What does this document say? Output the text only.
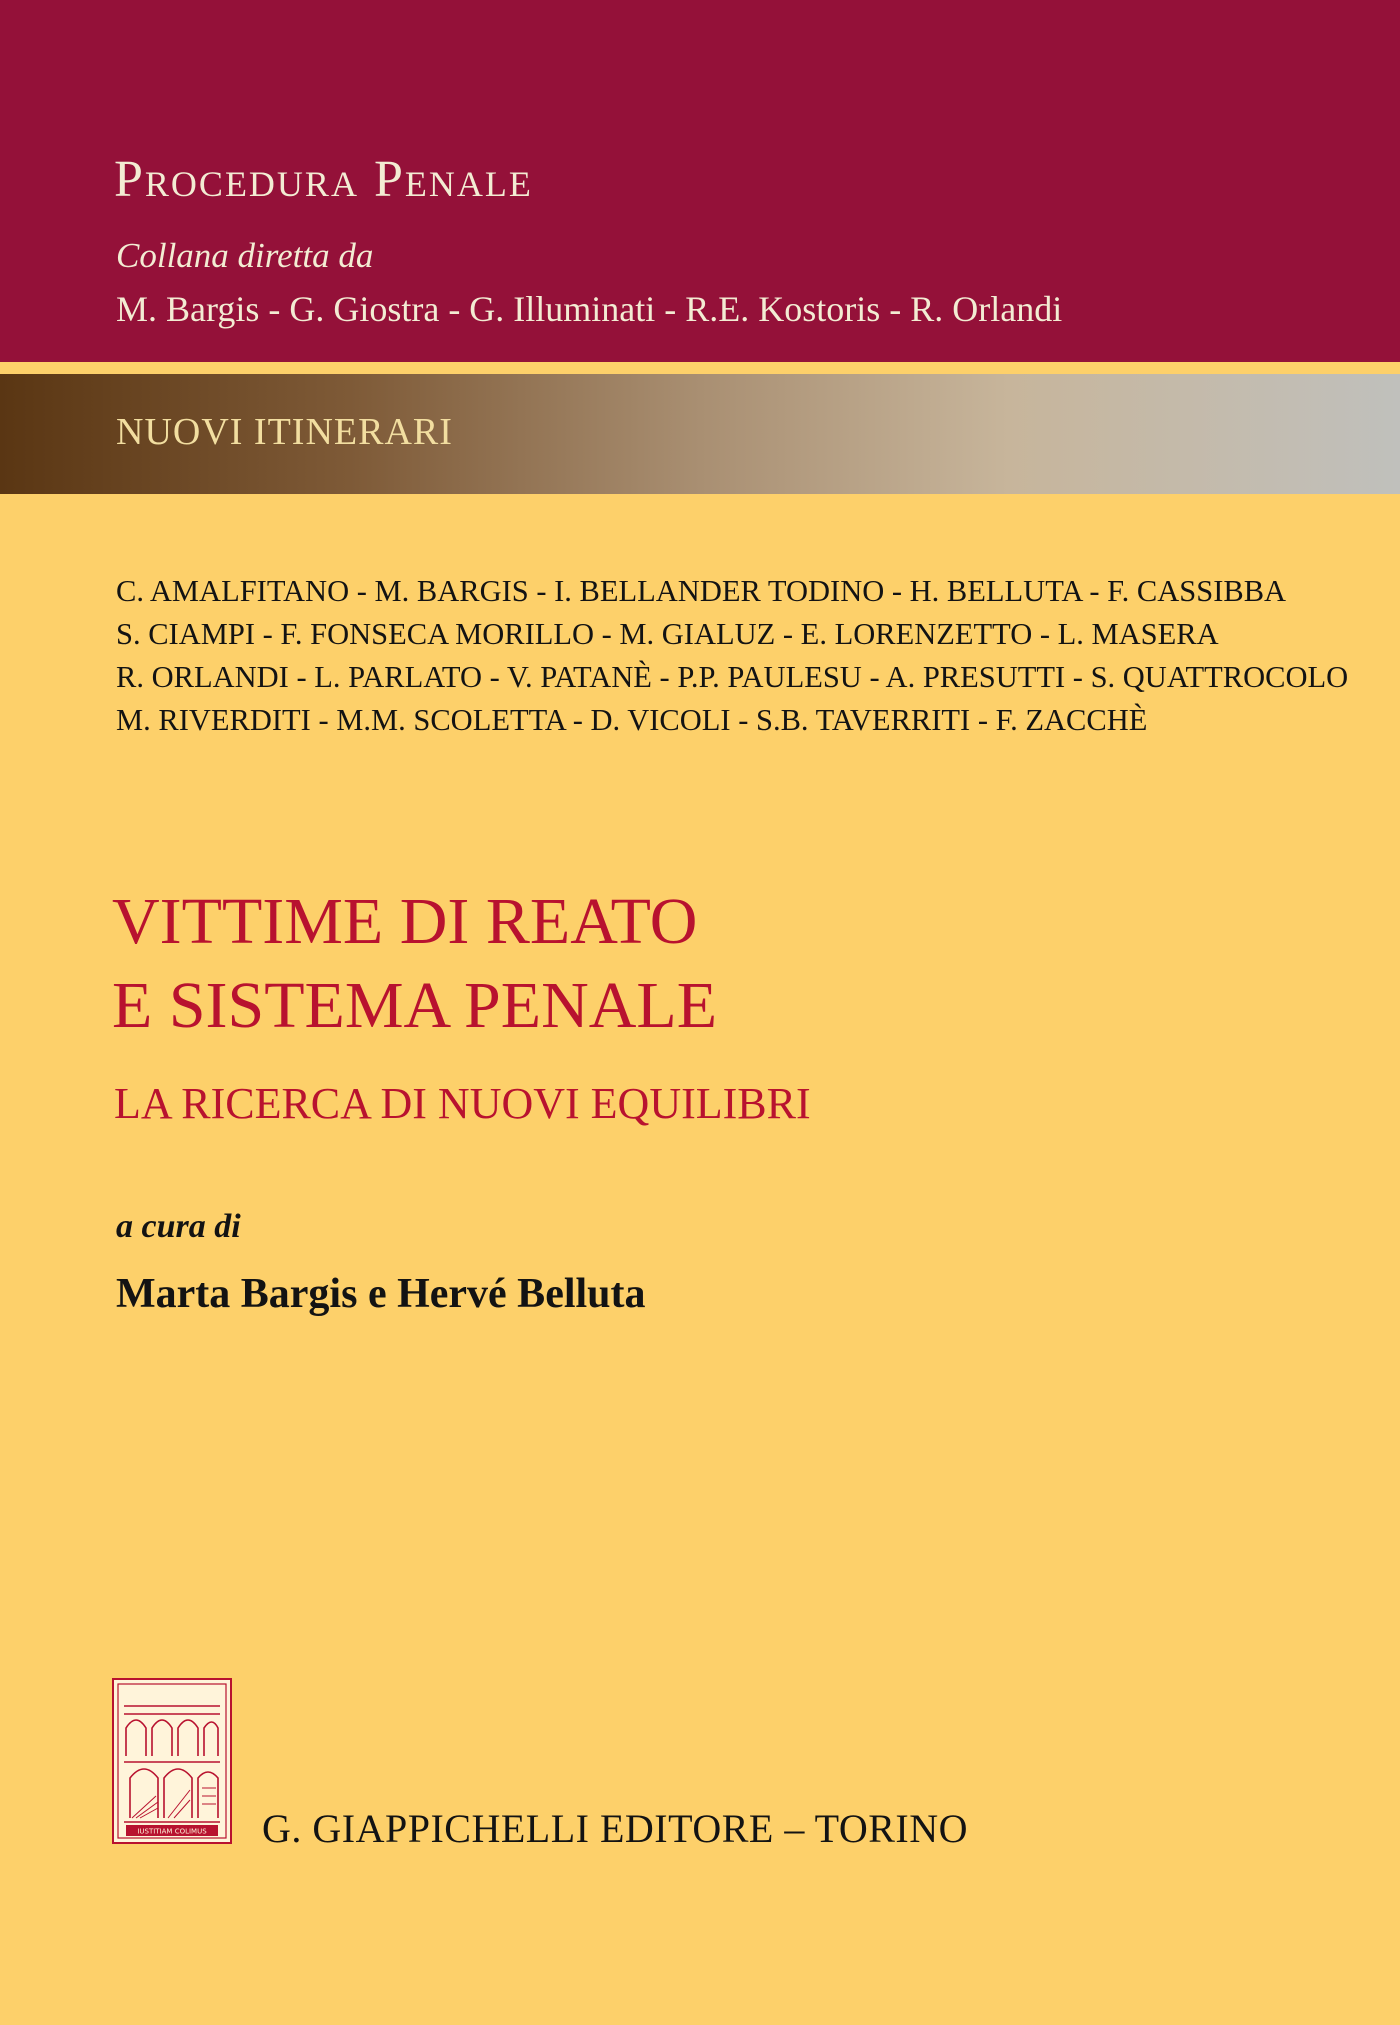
Procedura Penale

Collana diretta da

M. Bargis - G. Giostra - G. Illuminati - R.E. Kostoris - R. Orlandi

NUOVI ITINERARI

C. AMALFITANO - M. BARGIS - I. BELLANDER TODINO - H. BELLUTA - F. CASSIBBA
S. CIAMPI - F. FONSECA MORILLO - M. GIALUZ - E. LORENZETTO - L. MASERA
R. ORLANDI - L. PARLATO - V. PATANÈ - P.P. PAULESU - A. PRESUTTI - S. QUATTROCOLO
M. RIVERDITI - M.M. SCOLETTA - D. VICOLI - S.B. TAVERRITI - F. ZACCHÈ
VITTIME DI REATO
E SISTEMA PENALE

LA RICERCA DI NUOVI EQUILIBRI

a cura di

Marta Bargis e Hervé Belluta

IUSTITIAM COLIMUS G. GIAPPICHELLI EDITORE – TORINO
